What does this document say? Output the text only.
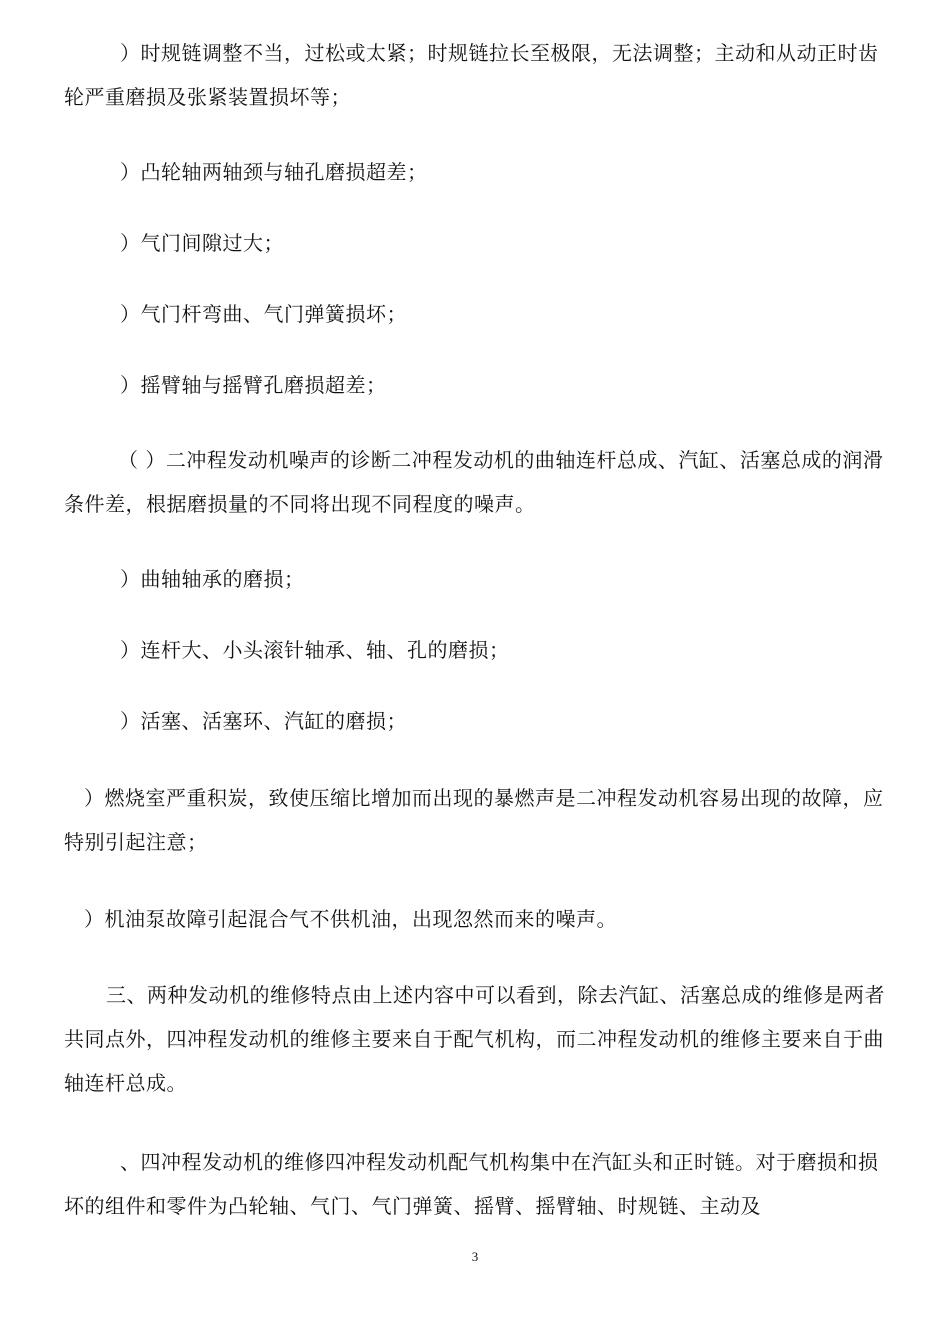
）时规链调整不当，过松或太紧；时规链拉长至极限，无法调整；主动和从动正时齿轮严重磨损及张紧装置损坏等；

）凸轮轴两轴颈与轴孔磨损超差；

）气门间隙过大；

）气门杆弯曲、气门弹簧损坏；

）摇臂轴与摇臂孔磨损超差；

（ ）二冲程发动机噪声的诊断二冲程发动机的曲轴连杆总成、汽缸、活塞总成的润滑条件差，根据磨损量的不同将出现不同程度的噪声。

）曲轴轴承的磨损；

）连杆大、小头滚针轴承、轴、孔的磨损；

）活塞、活塞环、汽缸的磨损；

）燃烧室严重积炭，致使压缩比增加而出现的暴燃声是二冲程发动机容易出现的故障，应特别引起注意；

）机油泵故障引起混合气不供机油，出现忽然而来的噪声。

三、两种发动机的维修特点由上述内容中可以看到，除去汽缸、活塞总成的维修是两者共同点外，四冲程发动机的维修主要来自于配气机构，而二冲程发动机的维修主要来自于曲轴连杆总成。

、四冲程发动机的维修四冲程发动机配气机构集中在汽缸头和正时链。对于磨损和损坏的组件和零件为凸轮轴、气门、气门弹簧、摇臂、摇臂轴、时规链、主动及

3
